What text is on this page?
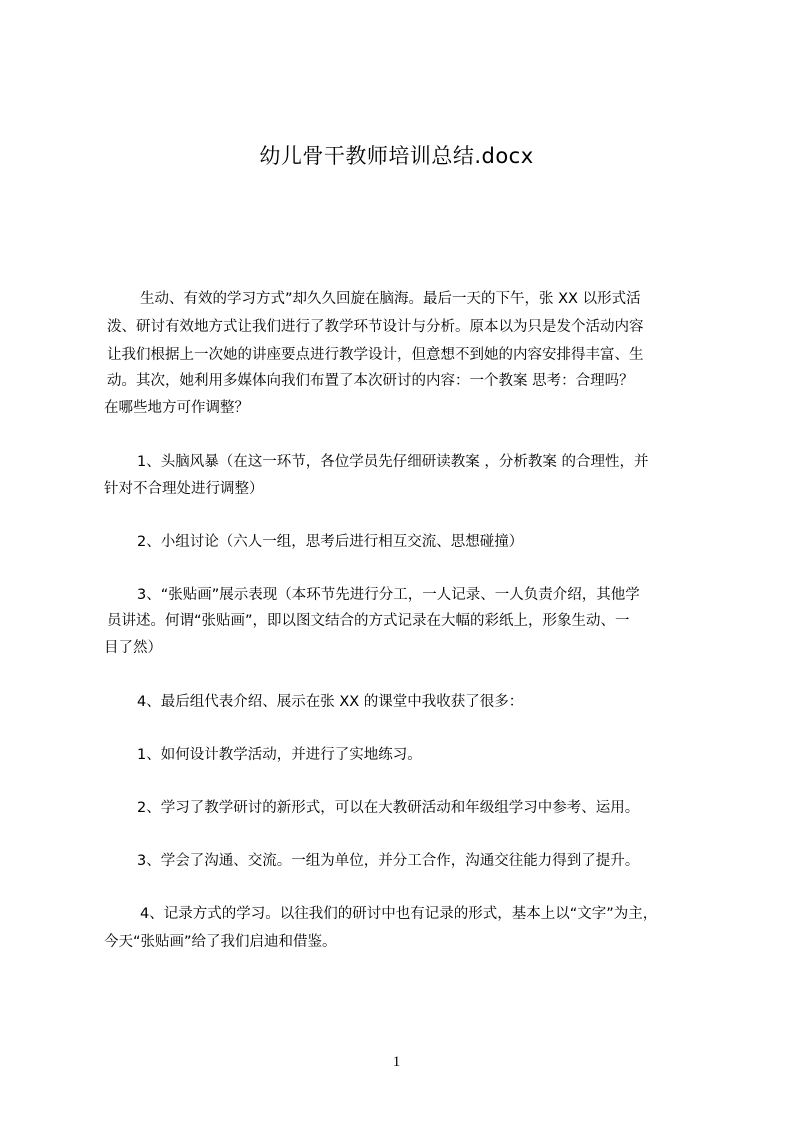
幼儿骨干教师培训总结.docx
生动、有效的学习方式”却久久回旋在脑海。最后一天的下午，张 XX 以形式活
泼、研讨有效地方式让我们进行了教学环节设计与分析。原本以为只是发个活动内容
让我们根据上一次她的讲座要点进行教学设计，但意想不到她的内容安排得丰富、生
动。其次，她利用多媒体向我们布置了本次研讨的内容：一个教案 思考：合理吗？
在哪些地方可作调整？
1、头脑风暴（在这一环节，各位学员先仔细研读教案 ，分析教案 的合理性，并
针对不合理处进行调整）
2、小组讨论（六人一组，思考后进行相互交流、思想碰撞）
3、“张贴画”展示表现（本环节先进行分工，一人记录、一人负责介绍，其他学
员讲述。何谓“张贴画”，即以图文结合的方式记录在大幅的彩纸上，形象生动、一
目了然）
4、最后组代表介绍、展示在张 XX 的课堂中我收获了很多：
1、如何设计教学活动，并进行了实地练习。
2、学习了教学研讨的新形式，可以在大教研活动和年级组学习中参考、运用。
3、学会了沟通、交流。一组为单位，并分工合作，沟通交往能力得到了提升。
4、记录方式的学习。以往我们的研讨中也有记录的形式，基本上以“文字”为主，
今天“张贴画”给了我们启迪和借鉴。
1
